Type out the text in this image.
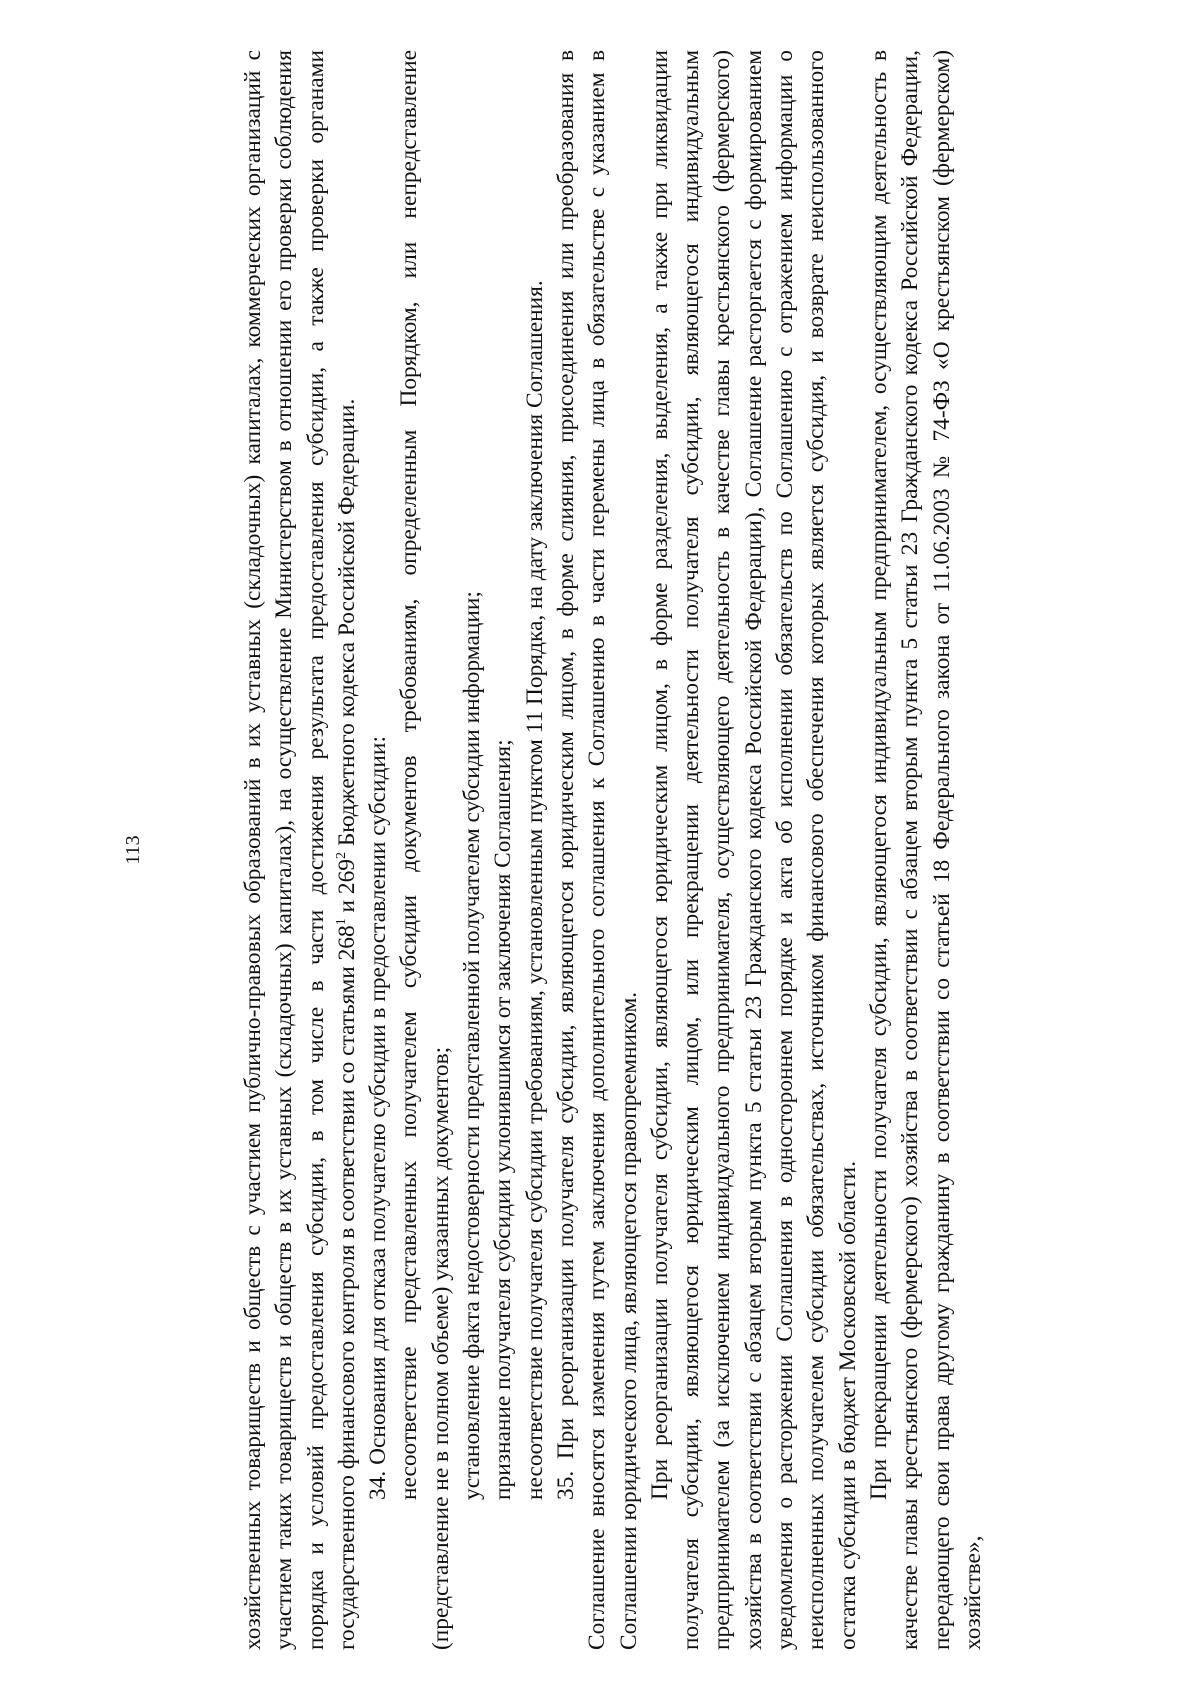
113	хозяйственных товариществ и обществ с участием публично-правовых образований в их уставных (складочных) капиталах, коммерческих организаций с участием таких товариществ и обществ в их уставных (складочных) капиталах), на осуществление Министерством в отношении его проверки соблюдения порядка и условий предоставления субсидии, в том числе в части достижения результата предоставления субсидии, а также проверки органами государственного финансового контроля в соответствии со статьями $268^1$ и $269^2$ Бюджетного кодекса Российской Федерации.

34. Основания для отказа получателю субсидии в предоставлении субсидии: несоответствие представленных получателем субсидии документов требованиям, определенным Порядком, или непредставление (представление не в полном объеме) указанных документов; установление факта недостоверности представленной получателем субсидии информации; признание получателя субсидии уклонившимся от заключения Соглашения; несоответствие получателя субсидии требованиям, установленным пунктом 11 Порядка, на дату заключения Соглашения. 35. При реорганизации получателя субсидии, являющегося юридическим лицом, в форме слияния, присоединения или преобразования в Соглашение вносятся изменения путем заключения дополнительного соглашения к Соглашению в части перемены лица в обязательстве с указанием в Соглашении юридического лица, являющегося правопреемником. При реорганизации получателя субсидии, являющегося юридическим лицом, в форме разделения, выделения, а также при ликвидации получателя субсидии, являющегося юридическим лицом, или прекращении деятельности получателя субсидии, являющегося индивидуальным предпринимателем (за исключением индивидуального предпринимателя, осуществляющего деятельность в качестве главы крестьянского (фермерского) хозяйства в соответствии с абзацем вторым пункта 5 статьи 23 Гражданского кодекса Российской Федерации), Соглашение расторгается с формированием уведомления о расторжении Соглашения в одностороннем порядке и акта об исполнении обязательств по Соглашению с отражением информации о неисполненных получателем субсидии обязательствах, источником финансового обеспечения которых является субсидия, и возврате неиспользованного остатка субсидии в бюджет Московской области. При прекращении деятельности получателя субсидии, являющегося индивидуальным предпринимателем, осуществляющим деятельность в качестве главы крестьянского (фермерского) хозяйства в соответствии с абзацем вторым пункта 5 статьи 23 Гражданского кодекса Российской Федерации, передающего свои права другому гражданину в соответствии со статьей 18 Федерального закона от 11.06.2003 № 74-ФЗ «О крестьянском (фермерском) хозяйстве»,
